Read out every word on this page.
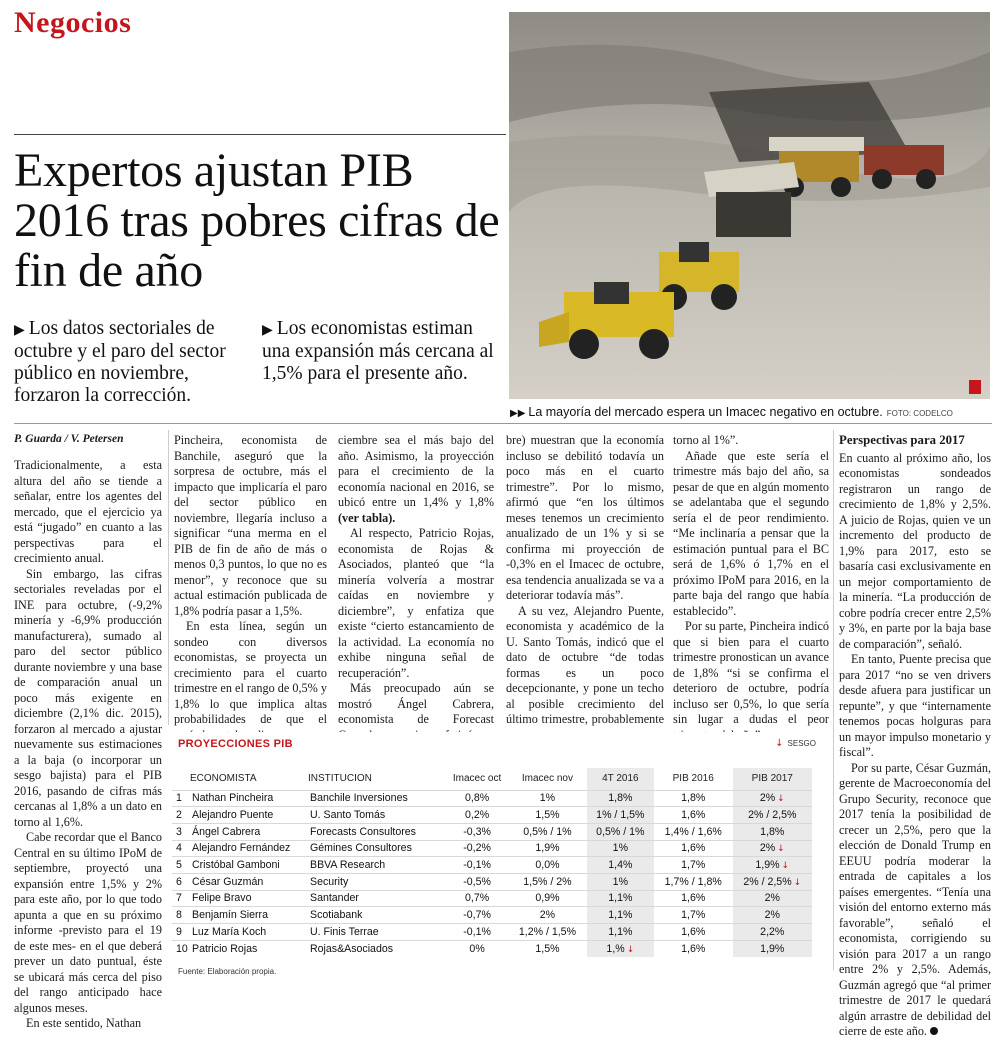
Negocios
Expertos ajustan PIB 2016 tras pobres cifras de fin de año
▶ Los datos sectoriales de octubre y el paro del sector público en noviembre, forzaron la corrección.
▶ Los economistas estiman una expansión más cercana al 1,5% para el presente año.
▶▶ La mayoría del mercado espera un Imacec negativo en octubre. FOTO: CODELCO
P. Guarda / V. Petersen

Tradicionalmente, a esta altura del año se tiende a señalar, entre los agentes del mercado, que el ejercicio ya está “jugado” en cuanto a las perspectivas para el crecimiento anual.

Sin embargo, las cifras sectoriales reveladas por el INE para octubre, (-9,2% minería y -6,9% producción manufacturera), sumado al paro del sector público durante noviembre y una base de comparación anual un poco más exigente en diciembre (2,1% dic. 2015), forzaron al mercado a ajustar nuevamente sus estimaciones a la baja (o incorporar un sesgo bajista) para el PIB 2016, pasando de cifras más cercanas al 1,8% a un dato en torno al 1,6%.

Cabe recordar que el Banco Central en su último IPoM de septiembre, proyectó una expansión entre 1,5% y 2% para este año, por lo que todo apunta a que en su próximo informe -previsto para el 19 de este mes- en el que deberá prever un dato puntual, éste se ubicará más cerca del piso del rango anticipado hace algunos meses.

En este sentido, Nathan

Pincheira, economista de Banchile, aseguró que la sorpresa de octubre, más el impacto que implicaría el paro del sector público en noviembre, llegaría incluso a significar “una merma en el PIB de fin de año de más o menos 0,3 puntos, lo que no es menor”, y reconoce que su actual estimación publicada de 1,8% podría pasar a 1,5%.

En esta línea, según un sondeo con diversos economistas, se proyecta un crecimiento para el cuarto trimestre en el rango de 0,5% y 1,8% lo que implica altas probabilidades de que el

ciembre sea el más bajo del año. Asimismo, la proyección para el crecimiento de la economía nacional en 2016, se ubicó entre un 1,4% y 1,8% (ver tabla).

Al respecto, Patricio Rojas, economista de Rojas & Asociados, planteó que “la minería volvería a mostrar caídas en noviembre y diciembre”, y enfatiza que existe “cierto estancamiento de la actividad. La economía no exhibe ninguna señal de recuperación”.

Más preocupado aún se mostró Ángel Cabrera, economista de Forecast

bre) muestran que la economía incluso se debilitó todavía un poco más en el cuarto trimestre”. Por lo mismo, afirmó que “en los últimos meses tenemos un crecimiento anualizado de un 1% y si se confirma mi proyección de -0,3% en el Imacec de octubre, esa tendencia anualizada se va a deteriorar todavía más”.

A su vez, Alejandro Puente, economista y académico de la U. Santo Tomás, indicó que el dato de octubre “de todas formas es un poco decepcionante, y pone un techo al posible crecimiento del último trimestre, probablemente

torno al 1%”.

Añade que este sería el trimestre más bajo del año, sa pesar de que en algún momento se adelantaba que el segundo sería el de peor rendimiento. “Me inclinaría a pensar que la estimación puntual para el BC será de 1,6% ó 1,7% en el próximo IPoM para 2016, en la parte baja del rango que había establecido”.

Por su parte, Pincheira indicó que si bien para el cuarto trimestre pronostican un avance de 1,8% “si se confirma el deterioro de octubre, podría incluso ser 0,5%, lo que sería sin lugar a dudas el peor

Perspectivas para 2017

En cuanto al próximo año, los economistas sondeados registraron un rango de crecimiento de 1,8% y 2,5%. A juicio de Rojas, quien ve un incremento del producto de 1,9% para 2017, esto se basaría casi exclusivamente en un mejor comportamiento de la minería. “La producción de cobre podría crecer entre 2,5% y 3%, en parte por la baja base de comparación”, señaló.

En tanto, Puente precisa que para 2017 “no se ven drivers desde afuera para justificar un repunte”, y que “internamente tenemos pocas holguras para un mayor impulso monetario y fiscal”.

Por su parte, César Guzmán, gerente de Macroeconomía del Grupo Security, reconoce que 2017 tenía la posibilidad de crecer un 2,5%, pero que la elección de Donald Trump en EEUU podría moderar la entrada de capitales a los países emergentes. “Tenía una visión del entorno externo más favorable”, señaló el economista, corrigiendo su visión para 2017 a un rango entre 2% y 2,5%. Además, Guzmán agregó que “al primer trimestre de 2017 le quedará algún arrastre de debilidad del cierre de este año.

PROYECCIONES PIB	↓ SESGO
	ECONOMISTA	INSTITUCION	Imacec oct	Imacec nov	4T 2016	PIB 2016	PIB 2017
1	Nathan Pincheira	Banchile Inversiones	0,8%	1%	1,8%	1,8%	2% ↓
2	Alejandro Puente	U. Santo Tomás	0,2%	1,5%	1% / 1,5%	1,6%	2% / 2,5%
3	Ángel Cabrera	Forecasts Consultores	-0,3%	0,5% / 1%	0,5% / 1%	1,4% / 1,6%	1,8%
4	Alejandro Fernández	Gémines Consultores	-0,2%	1,9%	1%	1,6%	2% ↓
5	Cristóbal Gamboni	BBVA Research	-0,1%	0,0%	1,4%	1,7%	1,9% ↓
6	César Guzmán	Security	-0,5%	1,5% / 2%	1%	1,7% / 1,8%	2% / 2,5% ↓
7	Felipe Bravo	Santander	0,7%	0,9%	1,1%	1,6%	2%
8	Benjamín Sierra	Scotiabank	-0,7%	2%	1,1%	1,7%	2%
9	Luz María Koch	U. Finis Terrae	-0,1%	1,2% / 1,5%	1,1%	1,6%	2,2%
10	Patricio Rojas	Rojas&Asociados	0%	1,5%	1,% ↓	1,6%	1,9%
Fuente: Elaboración propia.
